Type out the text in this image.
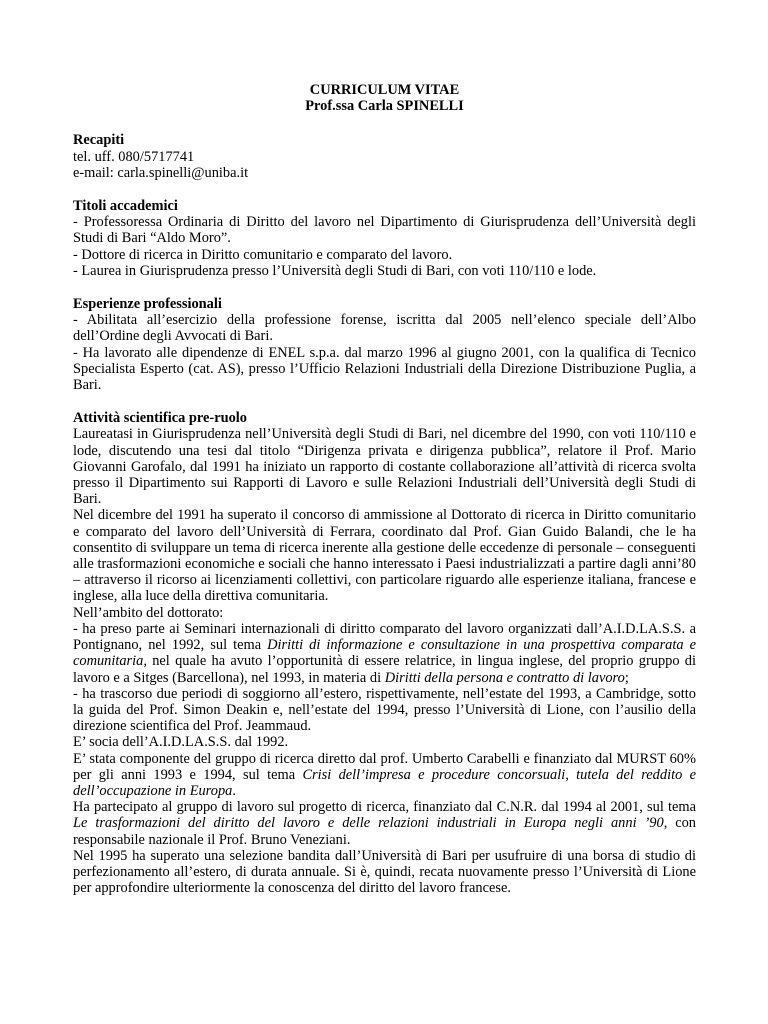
CURRICULUM VITAE
Prof.ssa Carla SPINELLI
Recapiti

tel. uff. 080/5717741

e-mail: carla.spinelli@uniba.it

Titoli accademici

- Professoressa Ordinaria di Diritto del lavoro nel Dipartimento di Giurisprudenza dell’Università degli Studi di Bari “Aldo Moro”.

- Dottore di ricerca in Diritto comunitario e comparato del lavoro.

- Laurea in Giurisprudenza presso l’Università degli Studi di Bari, con voti 110/110 e lode.

Esperienze professionali

- Abilitata all’esercizio della professione forense, iscritta dal 2005 nell’elenco speciale dell’Albo dell’Ordine degli Avvocati di Bari.

- Ha lavorato alle dipendenze di ENEL s.p.a. dal marzo 1996 al giugno 2001, con la qualifica di Tecnico Specialista Esperto (cat. AS), presso l’Ufficio Relazioni Industriali della Direzione Distribuzione Puglia, a Bari.

Attività scientifica pre-ruolo

Laureatasi in Giurisprudenza nell’Università degli Studi di Bari, nel dicembre del 1990, con voti 110/110 e lode, discutendo una tesi dal titolo “Dirigenza privata e dirigenza pubblica”, relatore il Prof. Mario Giovanni Garofalo, dal 1991 ha iniziato un rapporto di costante collaborazione all’attività di ricerca svolta presso il Dipartimento sui Rapporti di Lavoro e sulle Relazioni Industriali dell’Università degli Studi di Bari.

Nel dicembre del 1991 ha superato il concorso di ammissione al Dottorato di ricerca in Diritto comunitario e comparato del lavoro dell’Università di Ferrara, coordinato dal Prof. Gian Guido Balandi, che le ha consentito di sviluppare un tema di ricerca inerente alla gestione delle eccedenze di personale – conseguenti alle trasformazioni economiche e sociali che hanno interessato i Paesi industrializzati a partire dagli anni’80 – attraverso il ricorso ai licenziamenti collettivi, con particolare riguardo alle esperienze italiana, francese e inglese, alla luce della direttiva comunitaria.

Nell’ambito del dottorato:

- ha preso parte ai Seminari internazionali di diritto comparato del lavoro organizzati dall’A.I.D.LA.S.S. a Pontignano, nel 1992, sul tema Diritti di informazione e consultazione in una prospettiva comparata e comunitaria, nel quale ha avuto l’opportunità di essere relatrice, in lingua inglese, del proprio gruppo di lavoro e a Sitges (Barcellona), nel 1993, in materia di Diritti della persona e contratto di lavoro;

- ha trascorso due periodi di soggiorno all’estero, rispettivamente, nell’estate del 1993, a Cambridge, sotto la guida del Prof. Simon Deakin e, nell’estate del 1994, presso l’Università di Lione, con l’ausilio della direzione scientifica del Prof. Jeammaud.

E’ socia dell’A.I.D.LA.S.S. dal 1992.

E’ stata componente del gruppo di ricerca diretto dal prof. Umberto Carabelli e finanziato dal MURST 60% per gli anni 1993 e 1994, sul tema Crisi dell’impresa e procedure concorsuali, tutela del reddito e dell’occupazione in Europa.

Ha partecipato al gruppo di lavoro sul progetto di ricerca, finanziato dal C.N.R. dal 1994 al 2001, sul tema Le trasformazioni del diritto del lavoro e delle relazioni industriali in Europa negli anni ’90, con responsabile nazionale il Prof. Bruno Veneziani.

Nel 1995 ha superato una selezione bandita dall’Università di Bari per usufruire di una borsa di studio di perfezionamento all’estero, di durata annuale. Si è, quindi, recata nuovamente presso l’Università di Lione per approfondire ulteriormente la conoscenza del diritto del lavoro francese.
